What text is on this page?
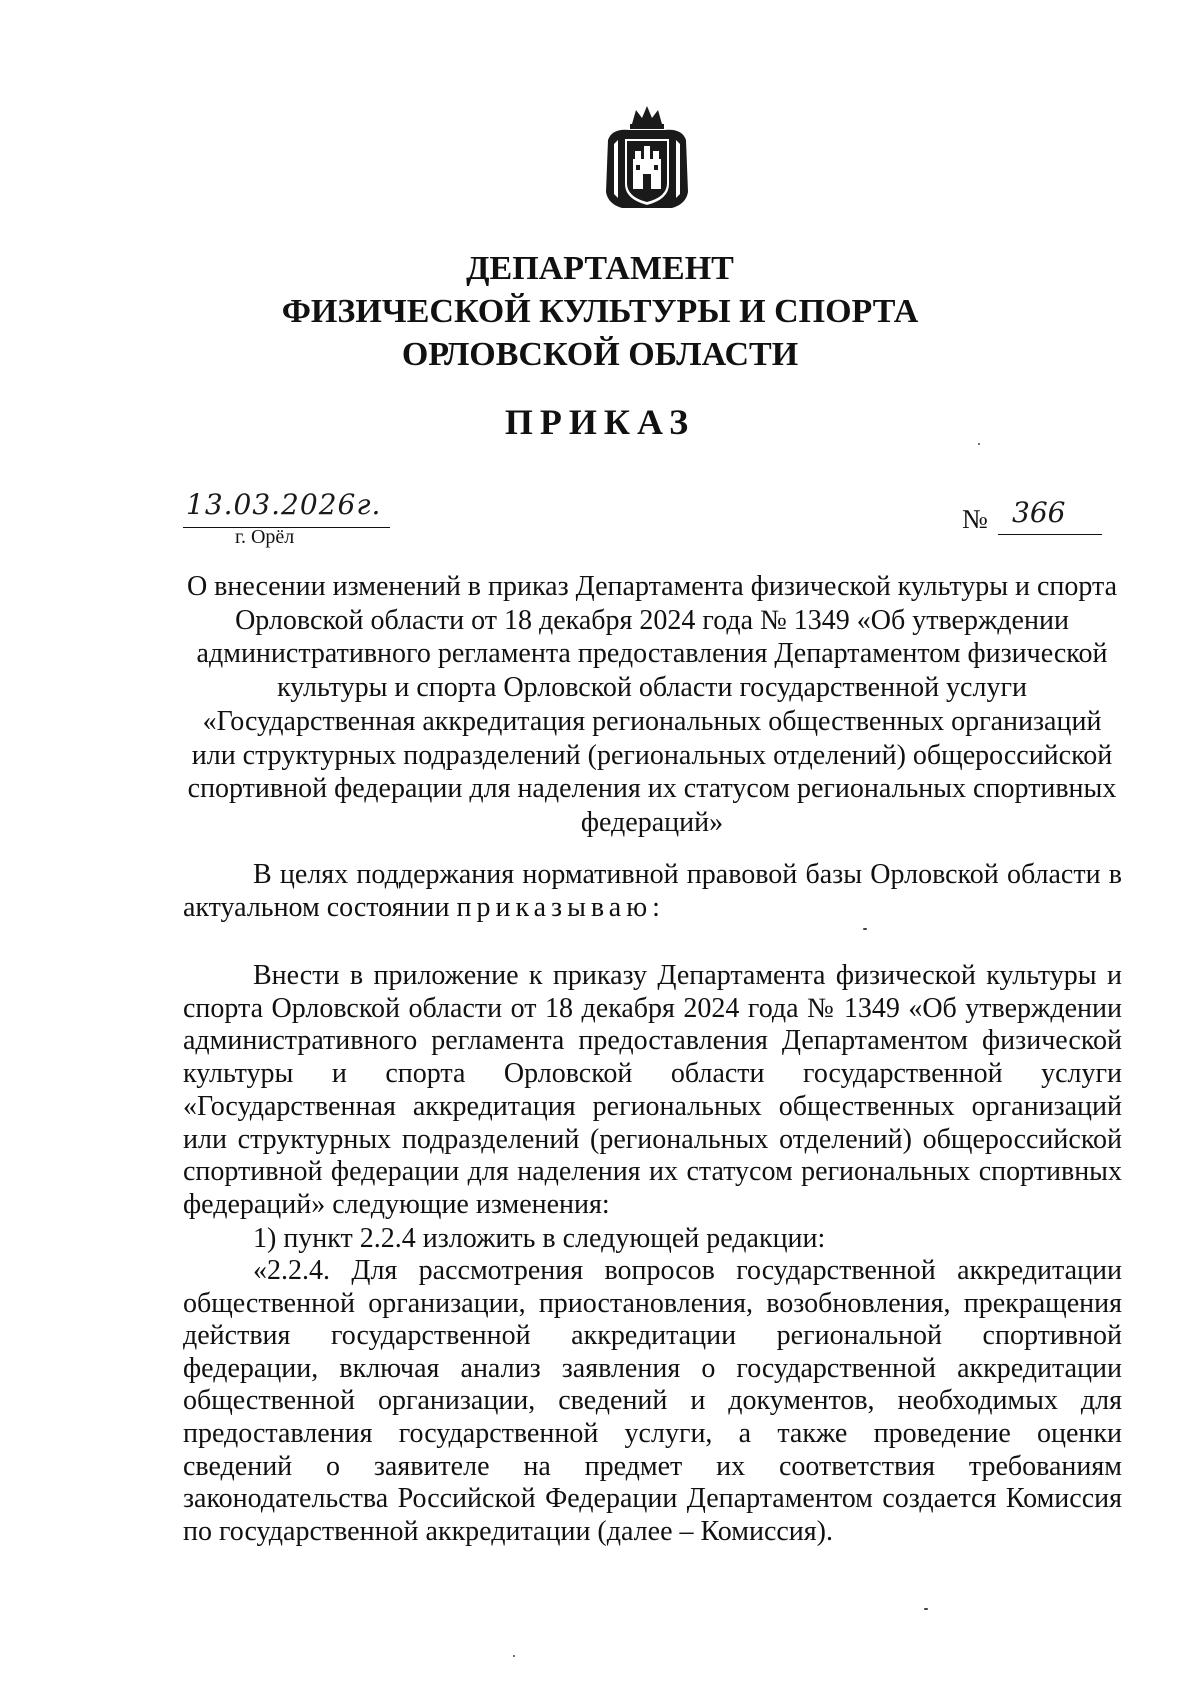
ДЕПАРТАМЕНТ
ФИЗИЧЕСКОЙ КУЛЬТУРЫ И СПОРТА
ОРЛОВСКОЙ ОБЛАСТИ
ПРИКАЗ
13.03.2026г.
г. Орёл
№ 366
О внесении изменений в приказ Департамента физической культуры и спорта Орловской области от 18 декабря 2024 года № 1349 «Об утверждении административного регламента предоставления Департаментом физической культуры и спорта Орловской области государственной услуги «Государственная аккредитация региональных общественных организаций или структурных подразделений (региональных отделений) общероссийской спортивной федерации для наделения их статусом региональных спортивных федераций»
В целях поддержания нормативной правовой базы Орловской области в актуальном состоянии приказываю:
Внести в приложение к приказу Департамента физической культуры и спорта Орловской области от 18 декабря 2024 года № 1349 «Об утверждении административного регламента предоставления Департаментом физической культуры и спорта Орловской области государственной услуги «Государственная аккредитация региональных общественных организаций или структурных подразделений (региональных отделений) общероссийской спортивной федерации для наделения их статусом региональных спортивных федераций» следующие изменения:
1) пункт 2.2.4 изложить в следующей редакции:
«2.2.4. Для рассмотрения вопросов государственной аккредитации общественной организации, приостановления, возобновления, прекращения действия государственной аккредитации региональной спортивной федерации, включая анализ заявления о государственной аккредитации общественной организации, сведений и документов, необходимых для предоставления государственной услуги, а также проведение оценки сведений о заявителе на предмет их соответствия требованиям законодательства Российской Федерации Департаментом создается Комиссия по государственной аккредитации (далее – Комиссия).
